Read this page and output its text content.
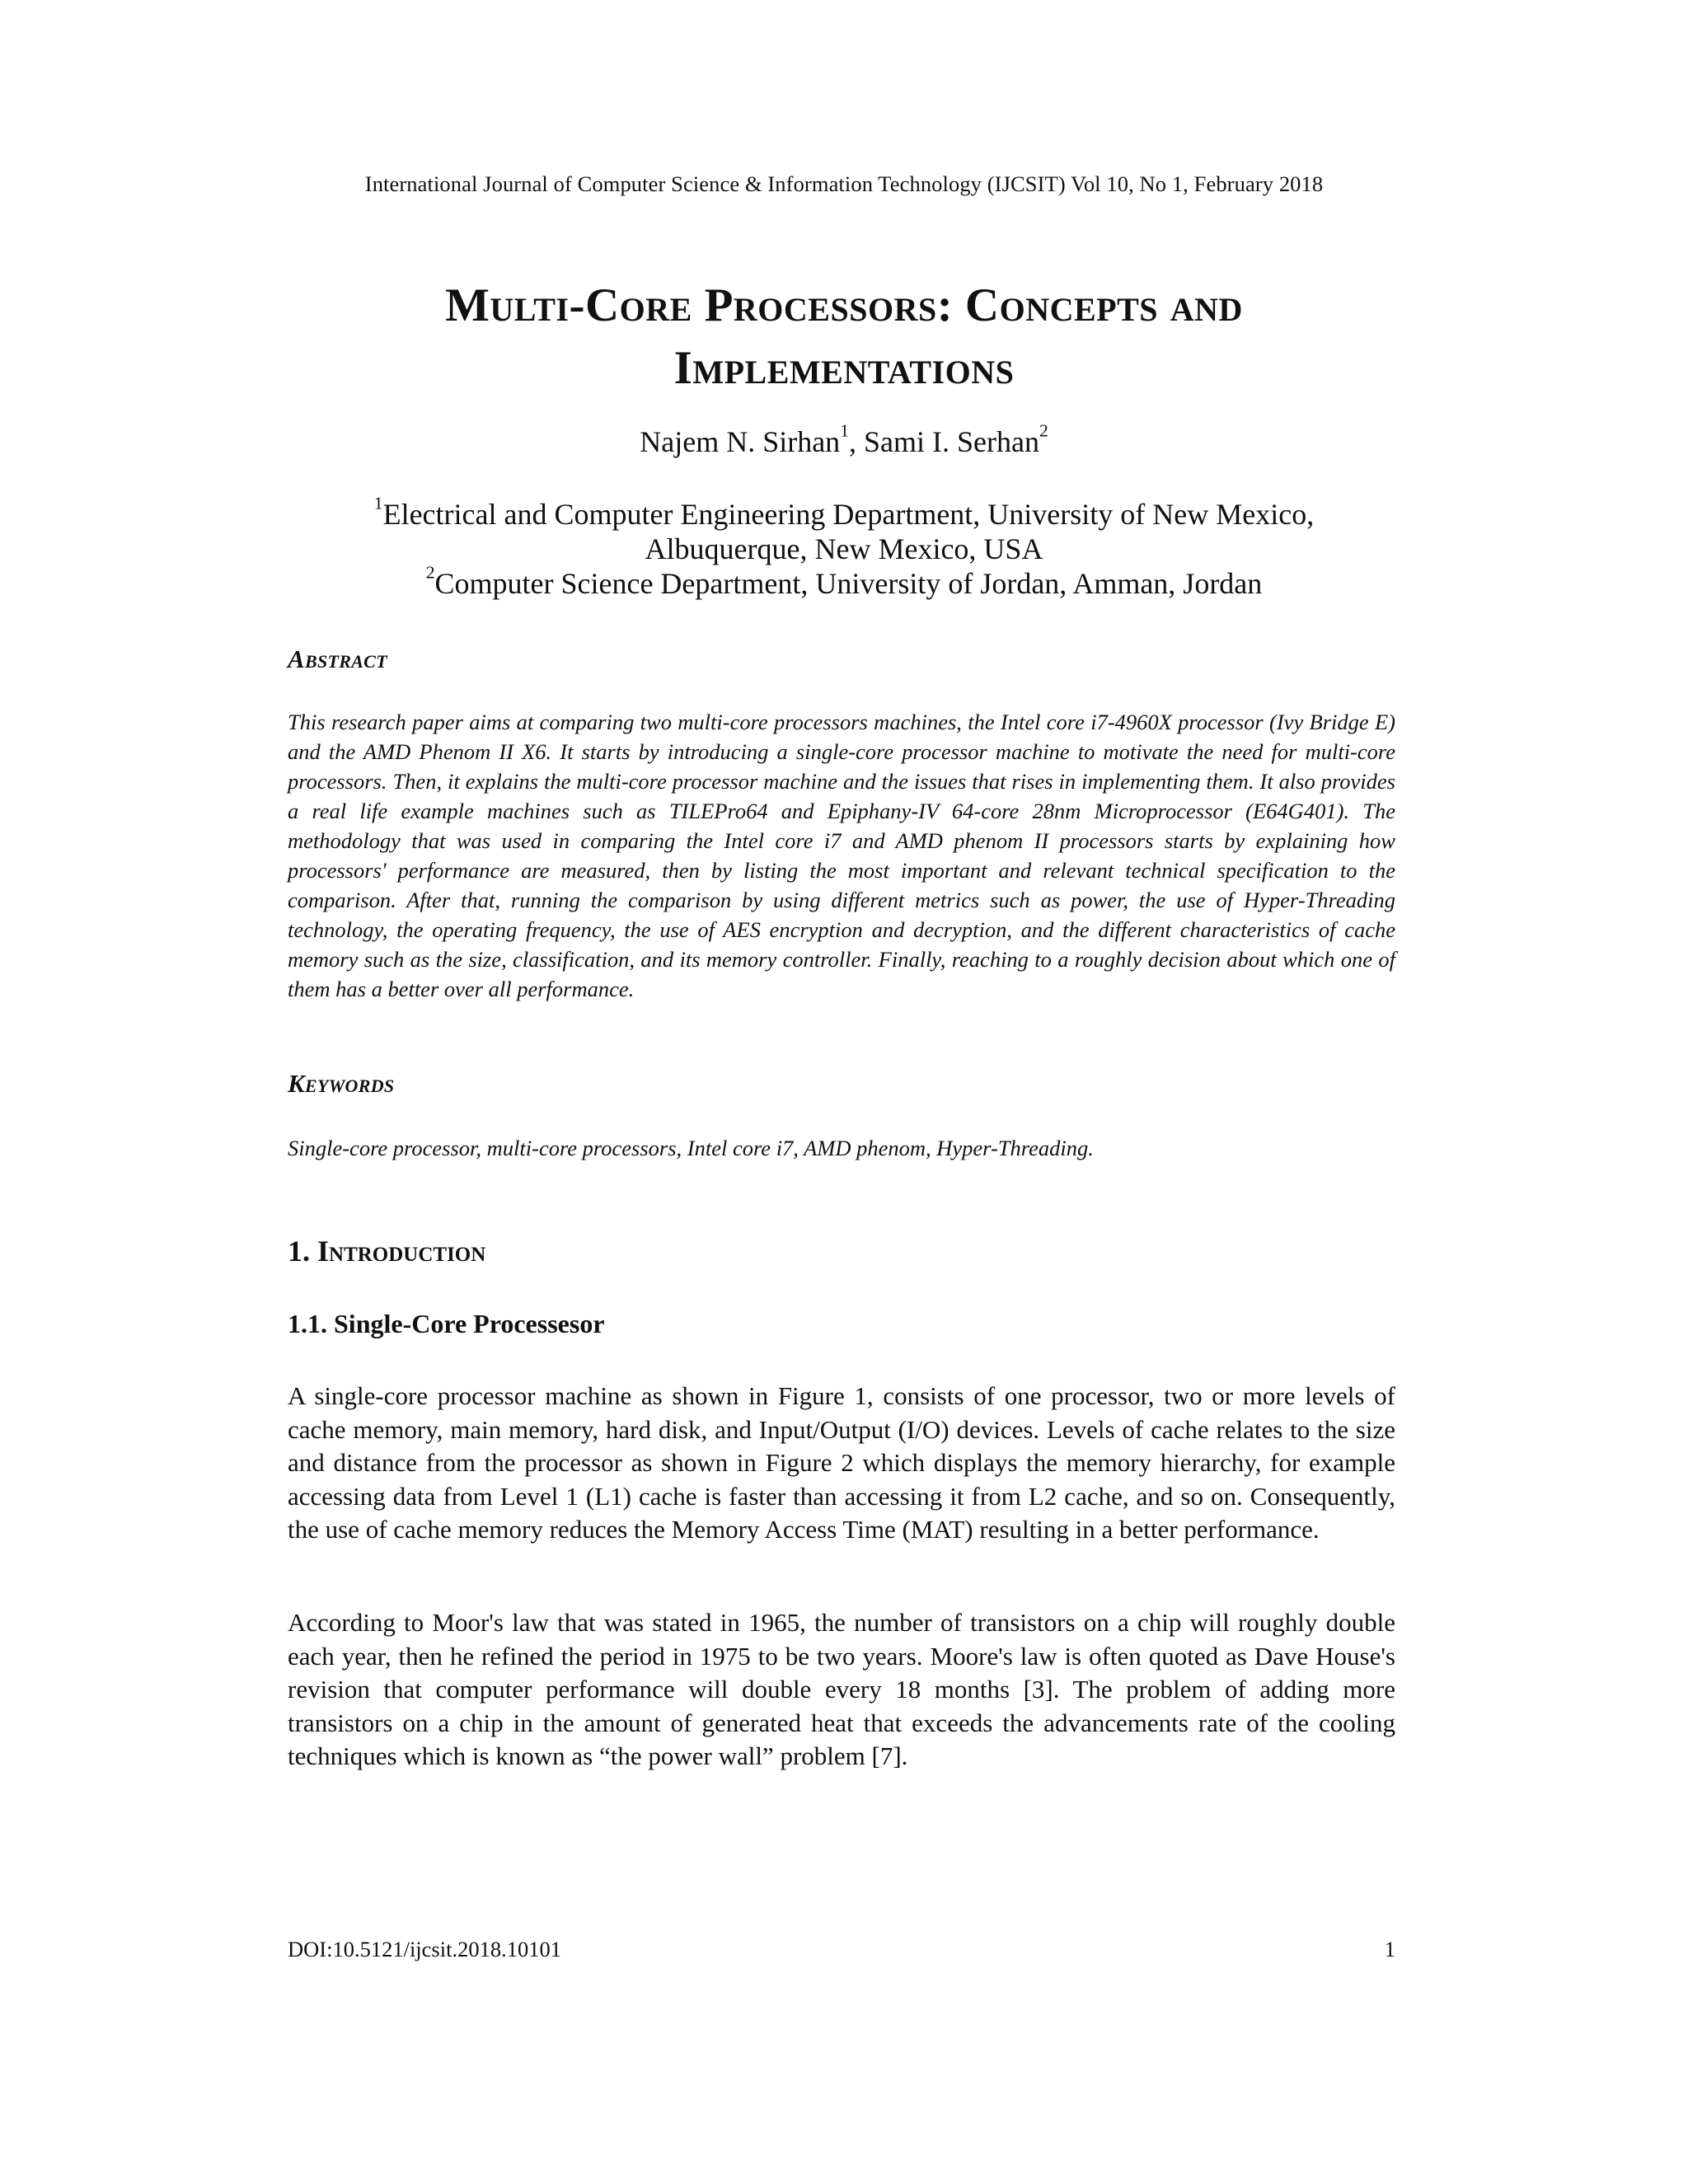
International Journal of Computer Science & Information Technology (IJCSIT) Vol 10, No 1, February 2018
Multi-Core Processors: Concepts and
Implementations
Najem N. Sirhan$^1$, Sami I. Serhan$^2$
$^1$Electrical and Computer Engineering Department, University of New Mexico,
Albuquerque, New Mexico, USA
$^2$Computer Science Department, University of Jordan, Amman, Jordan
Abstract
This research paper aims at comparing two multi-core processors machines, the Intel core i7-4960X processor (Ivy Bridge E) and the AMD Phenom II X6. It starts by introducing a single-core processor machine to motivate the need for multi-core processors. Then, it explains the multi-core processor machine and the issues that rises in implementing them. It also provides a real life example machines such as TILEPro64 and Epiphany-IV 64-core 28nm Microprocessor (E64G401). The methodology that was used in comparing the Intel core i7 and AMD phenom II processors starts by explaining how processors' performance are measured, then by listing the most important and relevant technical specification to the comparison. After that, running the comparison by using different metrics such as power, the use of Hyper-Threading technology, the operating frequency, the use of AES encryption and decryption, and the different characteristics of cache memory such as the size, classification, and its memory controller. Finally, reaching to a roughly decision about which one of them has a better over all performance.
Keywords
Single-core processor, multi-core processors, Intel core i7, AMD phenom, Hyper-Threading.
1. Introduction
1.1. Single-Core Processesor
A single-core processor machine as shown in Figure 1, consists of one processor, two or more levels of cache memory, main memory, hard disk, and Input/Output (I/O) devices. Levels of cache relates to the size and distance from the processor as shown in Figure 2 which displays the memory hierarchy, for example accessing data from Level 1 (L1) cache is faster than accessing it from L2 cache, and so on. Consequently, the use of cache memory reduces the Memory Access Time (MAT) resulting in a better performance.
According to Moor's law that was stated in 1965, the number of transistors on a chip will roughly double each year, then he refined the period in 1975 to be two years. Moore's law is often quoted as Dave House's revision that computer performance will double every 18 months [3]. The problem of adding more transistors on a chip in the amount of generated heat that exceeds the advancements rate of the cooling techniques which is known as “the power wall” problem [7].
DOI:10.5121/ijcsit.2018.10101	1
